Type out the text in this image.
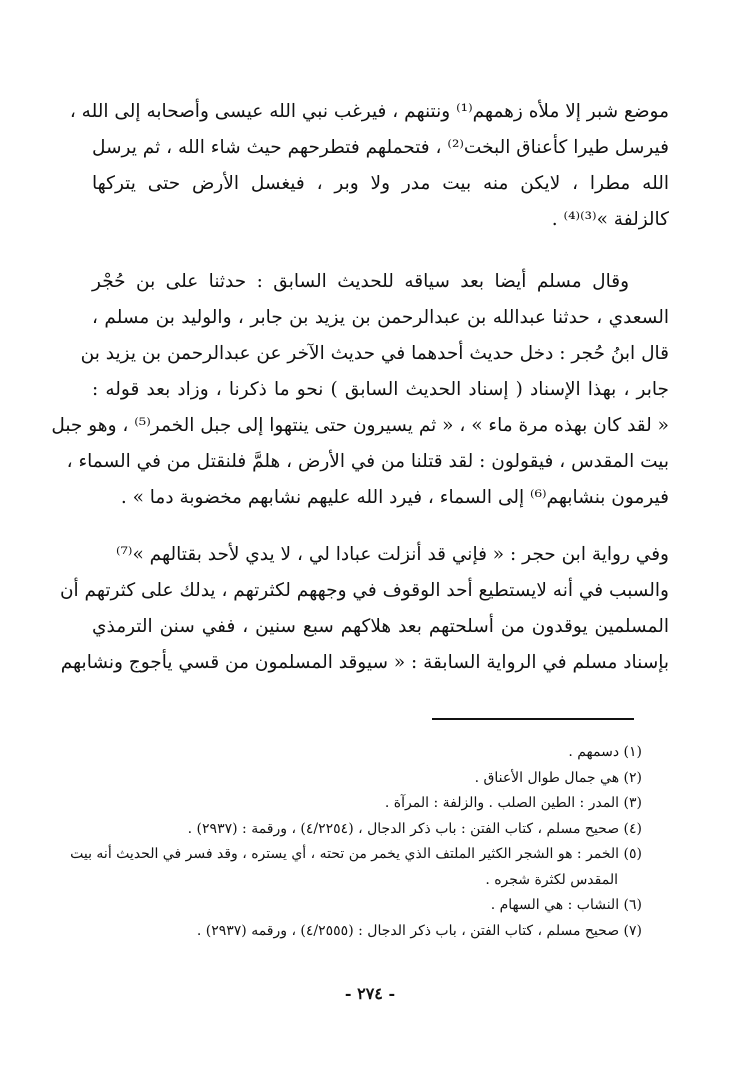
موضع شبر إلا ملأه زهمهم⁽¹⁾ ونتنهم ، فيرغب نبي الله عيسى وأصحابه إلى الله ،
فيرسل طيرا كأعناق البخت⁽²⁾ ، فتحملهم فتطرحهم حيث شاء الله ، ثم يرسل
الله مطرا ، لايكن منه بيت مدر ولا وبر ، فيغسل الأرض حتى يتركها
كالزلفة »⁽³⁾⁽⁴⁾ .
وقال مسلم أيضا بعد سياقه للحديث السابق : حدثنا على بن حُجْر
السعدي ، حدثنا عبدالله بن عبدالرحمن بن يزيد بن جابر ، والوليد بن مسلم ،
قال ابنُ حُجر : دخل حديث أحدهما في حديث الآخر عن عبدالرحمن بن يزيد بن
جابر ، بهذا الإسناد ( إسناد الحديث السابق ) نحو ما ذكرنا ، وزاد بعد قوله :
« لقد كان بهذه مرة ماء » ، « ثم يسيرون حتى ينتهوا إلى جبل الخمر⁽⁵⁾ ، وهو جبل
بيت المقدس ، فيقولون : لقد قتلنا من في الأرض ، هلمَّ فلنقتل من في السماء ،
فيرمون بنشابهم⁽⁶⁾ إلى السماء ، فيرد الله عليهم نشابهم مخضوبة دما » .
وفي رواية ابن حجر : « فإني قد أنزلت عبادا لي ، لا يدي لأحد بقتالهم »⁽⁷⁾
والسبب في أنه لايستطيع أحد الوقوف في وجههم لكثرتهم ، يدلك على كثرتهم أن
المسلمين يوقدون من أسلحتهم بعد هلاكهم سبع سنين ، ففي سنن الترمذي
بإسناد مسلم في الرواية السابقة : « سيوقد المسلمون من قسي يأجوج ونشابهم
(١) دسمهم .
(٢) هي جمال طوال الأعناق .
(٣) المدر : الطين الصلب . والزلفة : المرآة .
(٤) صحيح مسلم ، كتاب الفتن : باب ذكر الدجال ، (٤/٢٢٥٤) ، ورقمة : (٢٩٣٧) .
(٥) الخمر : هو الشجر الكثير الملتف الذي يخمر من تحته ، أي يستره ، وقد فسر في الحديث أنه بيت
المقدس لكثرة شجره .
(٦) النشاب : هي السهام .
(٧) صحيح مسلم ، كتاب الفتن ، باب ذكر الدجال : (٤/٢٥٥٥) ، ورقمه (٢٩٣٧) .
- ٢٧٤ -
